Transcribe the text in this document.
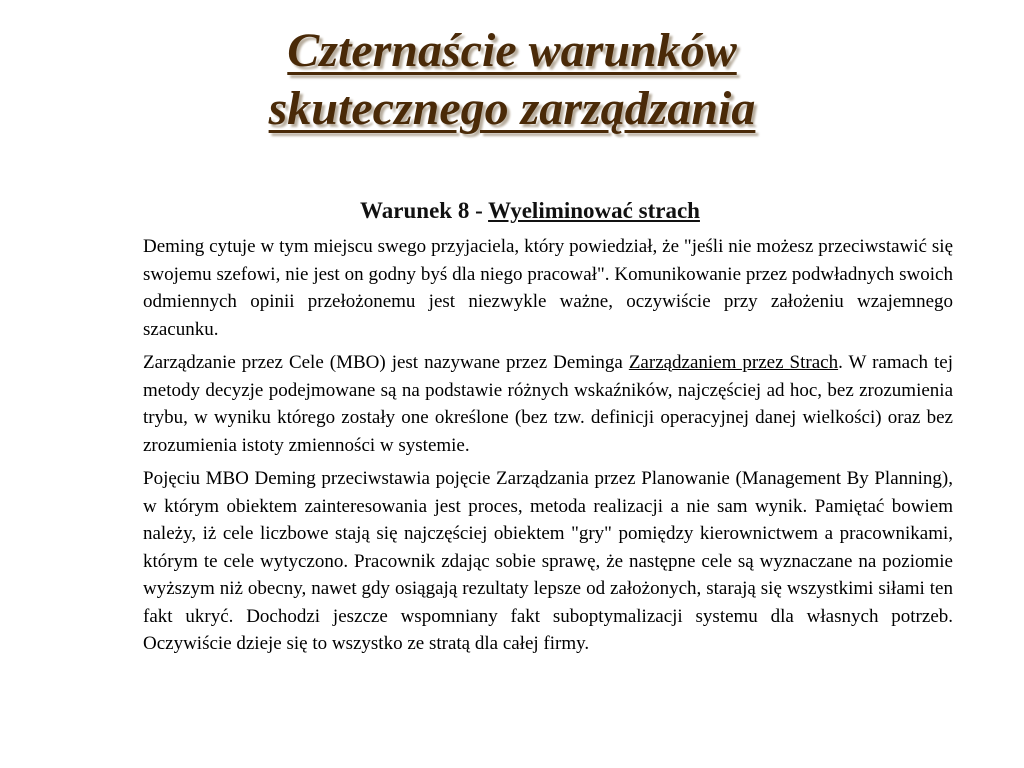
Czternaście warunków
skutecznego zarządzania
Warunek 8 - Wyeliminować strach

Deming cytuje w tym miejscu swego przyjaciela, który powiedział, że "jeśli nie możesz przeciwstawić się swojemu szefowi, nie jest on godny byś dla niego pracował". Komunikowanie przez podwładnych swoich odmiennych opinii przełożonemu jest niezwykle ważne, oczywiście przy założeniu wzajemnego szacunku.

Zarządzanie przez Cele (MBO) jest nazywane przez Deminga Zarządzaniem przez Strach. W ramach tej metody decyzje podejmowane są na podstawie różnych wskaźników, najczęściej ad hoc, bez zrozumienia trybu, w wyniku którego zostały one określone (bez tzw. definicji operacyjnej danej wielkości) oraz bez zrozumienia istoty zmienności w systemie.

Pojęciu MBO Deming przeciwstawia pojęcie Zarządzania przez Planowanie (Management By Planning), w którym obiektem zainteresowania jest proces, metoda realizacji a nie sam wynik. Pamiętać bowiem należy, iż cele liczbowe stają się najczęściej obiektem "gry" pomiędzy kierownictwem a pracownikami, którym te cele wytyczono. Pracownik zdając sobie sprawę, że następne cele są wyznaczane na poziomie wyższym niż obecny, nawet gdy osiągają rezultaty lepsze od założonych, starają się wszystkimi siłami ten fakt ukryć. Dochodzi jeszcze wspomniany fakt suboptymalizacji systemu dla własnych potrzeb. Oczywiście dzieje się to wszystko ze stratą dla całej firmy.
